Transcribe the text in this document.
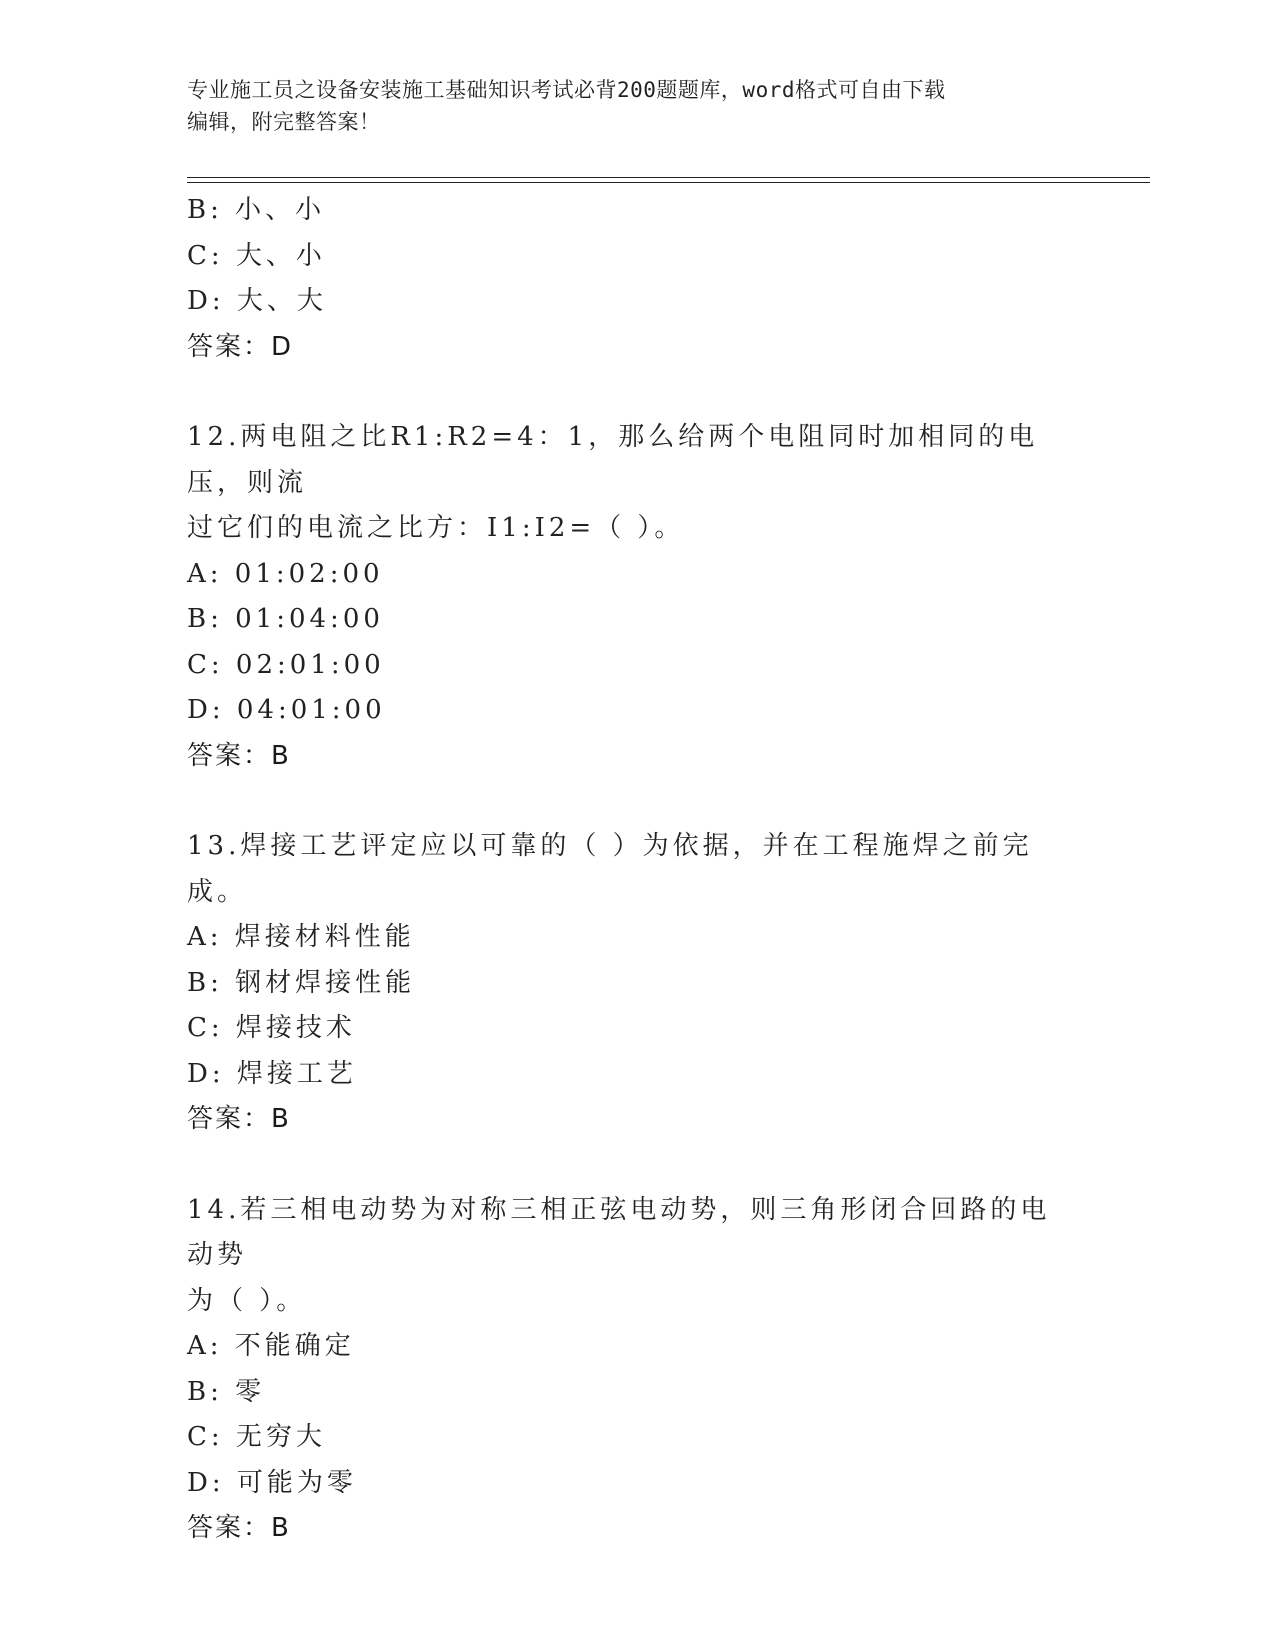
专业施工员之设备安装施工基础知识考试必背200题题库，word格式可自由下载
编辑，附完整答案！
B: 小、小
C: 大、小
D: 大、大
答案：D
12.两电阻之比R1:R2=4：1，那么给两个电阻同时加相同的电压，则流
过它们的电流之比方：I1:I2=（ ）。
A: 01:02:00
B: 01:04:00
C: 02:01:00
D: 04:01:00
答案：B
13.焊接工艺评定应以可靠的（ ）为依据，并在工程施焊之前完成。
A: 焊接材料性能
B: 钢材焊接性能
C: 焊接技术
D: 焊接工艺
答案：B
14.若三相电动势为对称三相正弦电动势，则三角形闭合回路的电动势
为（ ）。
A: 不能确定
B: 零
C: 无穷大
D: 可能为零
答案：B
